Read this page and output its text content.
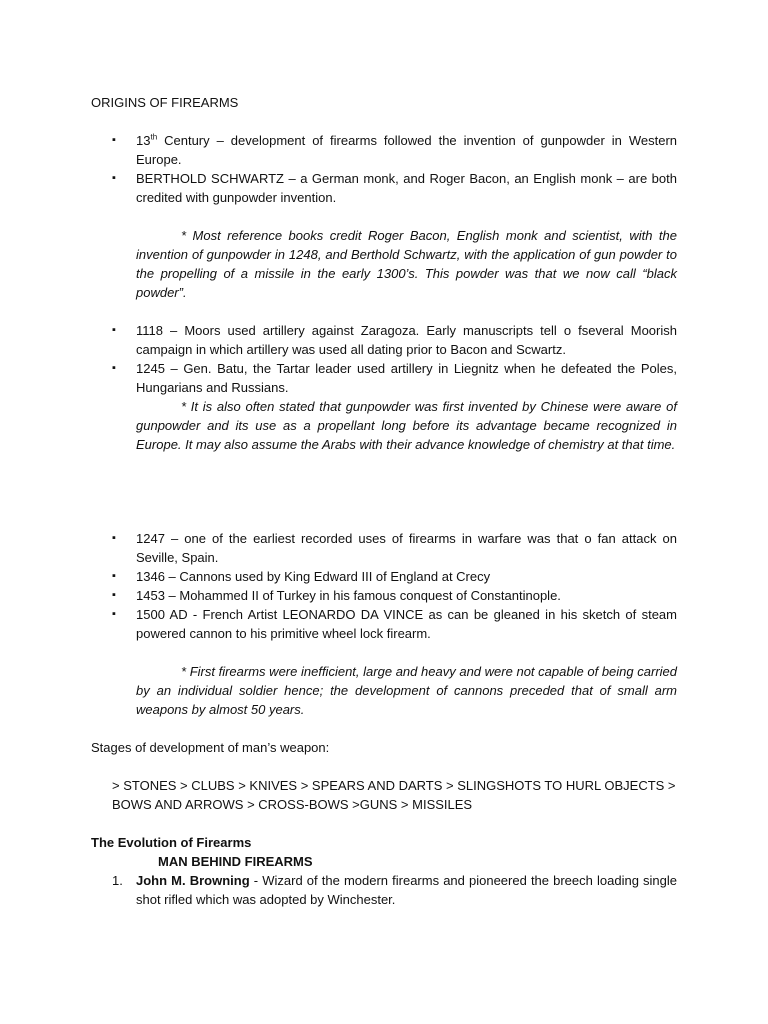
ORIGINS OF FIREARMS
▪ 13th Century – development of firearms followed the invention of gunpowder in Western Europe.
▪ BERTHOLD SCHWARTZ – a German monk, and Roger Bacon, an English monk – are both credited with gunpowder invention.
* Most reference books credit Roger Bacon, English monk and scientist, with the invention of gunpowder in 1248, and Berthold Schwartz, with the application of gun powder to the propelling of a missile in the early 1300’s. This powder was that we now call “black powder”.
▪ 1118 – Moors used artillery against Zaragoza. Early manuscripts tell o fseveral Moorish campaign in which artillery was used all dating prior to Bacon and Scwartz.
▪ 1245 – Gen. Batu, the Tartar leader used artillery in Liegnitz when he defeated the Poles, Hungarians and Russians.
* It is also often stated that gunpowder was first invented by Chinese were aware of gunpowder and its use as a propellant long before its advantage became recognized in Europe. It may also assume the Arabs with their advance knowledge of chemistry at that time.
▪ 1247 – one of the earliest recorded uses of firearms in warfare was that o fan attack on Seville, Spain.
▪ 1346 – Cannons used by King Edward III of England at Crecy
▪ 1453 – Mohammed II of Turkey in his famous conquest of Constantinople.
▪ 1500 AD - French Artist LEONARDO DA VINCE as can be gleaned in his sketch of steam powered cannon to his primitive wheel lock firearm.
* First firearms were inefficient, large and heavy and were not capable of being carried by an individual soldier hence; the development of cannons preceded that of small arm weapons by almost 50 years.
Stages of development of man’s weapon:
> STONES > CLUBS > KNIVES > SPEARS AND DARTS > SLINGSHOTS TO HURL OBJECTS > BOWS AND ARROWS > CROSS-BOWS >GUNS > MISSILES
The Evolution of Firearms
MAN BEHIND FIREARMS
1. John M. Browning - Wizard of the modern firearms and pioneered the breech loading single shot rifled which was adopted by Winchester.
